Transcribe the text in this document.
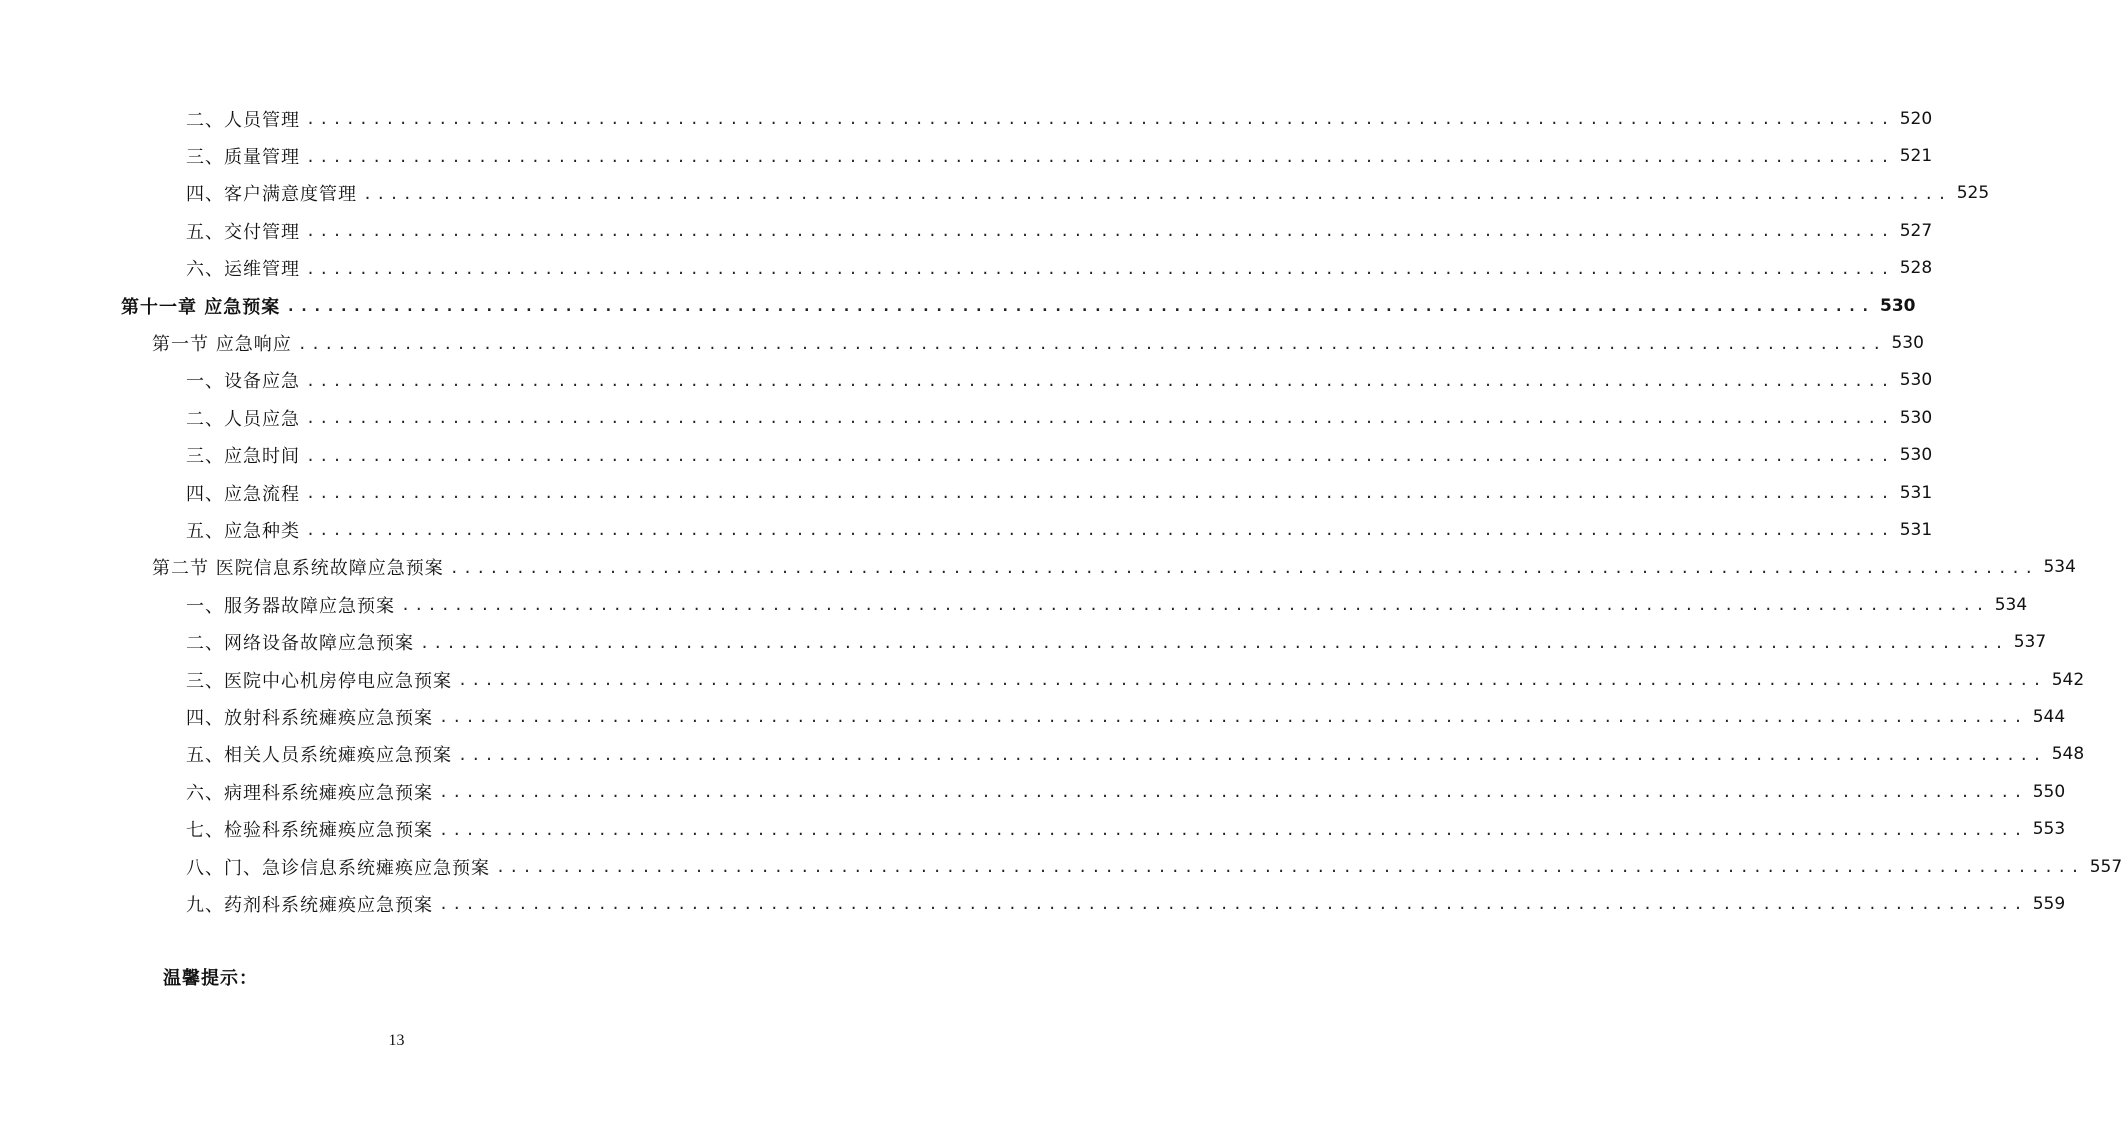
二、人员管理 ........................................................................................................................ 520
三、质量管理 ........................................................................................................................ 521
四、客户满意度管理 ........................................................................................................................ 525
五、交付管理 ........................................................................................................................ 527
六、运维管理 ........................................................................................................................ 528
第十一章 应急预案 ........................................................................................................................ 530
第一节 应急响应 ........................................................................................................................ 530
一、设备应急 ........................................................................................................................ 530
二、人员应急 ........................................................................................................................ 530
三、应急时间 ........................................................................................................................ 530
四、应急流程 ........................................................................................................................ 531
五、应急种类 ........................................................................................................................ 531
第二节 医院信息系统故障应急预案 ........................................................................................................................ 534
一、服务器故障应急预案 ........................................................................................................................ 534
二、网络设备故障应急预案 ........................................................................................................................ 537
三、医院中心机房停电应急预案 ........................................................................................................................ 542
四、放射科系统瘫痪应急预案 ........................................................................................................................ 544
五、相关人员系统瘫痪应急预案 ........................................................................................................................ 548
六、病理科系统瘫痪应急预案 ........................................................................................................................ 550
七、检验科系统瘫痪应急预案 ........................................................................................................................ 553
八、门、急诊信息系统瘫痪应急预案 ........................................................................................................................ 557
九、药剂科系统瘫痪应急预案 ........................................................................................................................ 559
温馨提示：
13
